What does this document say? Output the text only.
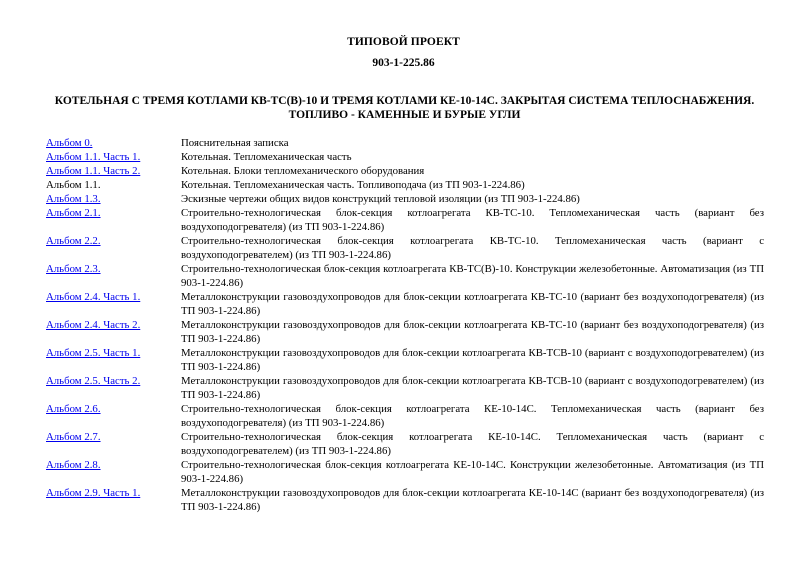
ТИПОВОЙ ПРОЕКТ
903-1-225.86
КОТЕЛЬНАЯ С ТРЕМЯ КОТЛАМИ КВ-ТС(В)-10 И ТРЕМЯ КОТЛАМИ КЕ-10-14С. ЗАКРЫТАЯ СИСТЕМА ТЕПЛОСНАБЖЕНИЯ. ТОПЛИВО - КАМЕННЫЕ И БУРЫЕ УГЛИ
Альбом 0.	Пояснительная записка
Альбом 1.1. Часть 1.	Котельная. Тепломеханическая часть
Альбом 1.1. Часть 2.	Котельная. Блоки тепломеханического оборудования
Альбом 1.1.	Котельная. Тепломеханическая часть. Топливоподача (из ТП 903-1-224.86)
Альбом 1.3.	Эскизные чертежи общих видов конструкций тепловой изоляции (из ТП 903-1-224.86)
Альбом 2.1.	Строительно-технологическая блок-секция котлоагрегата КВ-ТС-10. Тепломеханическая часть (вариант без воздухоподогревателя) (из ТП 903-1-224.86)
Альбом 2.2.	Строительно-технологическая блок-секция котлоагрегата КВ-ТС-10. Тепломеханическая часть (вариант с воздухоподогревателем) (из ТП 903-1-224.86)
Альбом 2.3.	Строительно-технологическая блок-секция котлоагрегата КВ-ТС(В)-10. Конструкции железобетонные. Автоматизация (из ТП 903-1-224.86)
Альбом 2.4. Часть 1.	Металлоконструкции газовоздухопроводов для блок-секции котлоагрегата КВ-ТС-10 (вариант без воздухоподогревателя) (из ТП 903-1-224.86)
Альбом 2.4. Часть 2.	Металлоконструкции газовоздухопроводов для блок-секции котлоагрегата КВ-ТС-10 (вариант без воздухоподогревателя) (из ТП 903-1-224.86)
Альбом 2.5. Часть 1.	Металлоконструкции газовоздухопроводов для блок-секции котлоагрегата КВ-ТСВ-10 (вариант с воздухоподогревателем) (из ТП 903-1-224.86)
Альбом 2.5. Часть 2.	Металлоконструкции газовоздухопроводов для блок-секции котлоагрегата КВ-ТСВ-10 (вариант с воздухоподогревателем) (из ТП 903-1-224.86)
Альбом 2.6.	Строительно-технологическая блок-секция котлоагрегата КЕ-10-14С. Тепломеханическая часть (вариант без воздухоподогревателя) (из ТП 903-1-224.86)
Альбом 2.7.	Строительно-технологическая блок-секция котлоагрегата КЕ-10-14С. Тепломеханическая часть (вариант с воздухоподогревателем) (из ТП 903-1-224.86)
Альбом 2.8.	Строительно-технологическая блок-секция котлоагрегата КЕ-10-14С. Конструкции железобетонные. Автоматизация (из ТП 903-1-224.86)
Альбом 2.9. Часть 1.	Металлоконструкции газовоздухопроводов для блок-секции котлоагрегата КЕ-10-14С (вариант без воздухоподогревателя) (из ТП 903-1-224.86)
